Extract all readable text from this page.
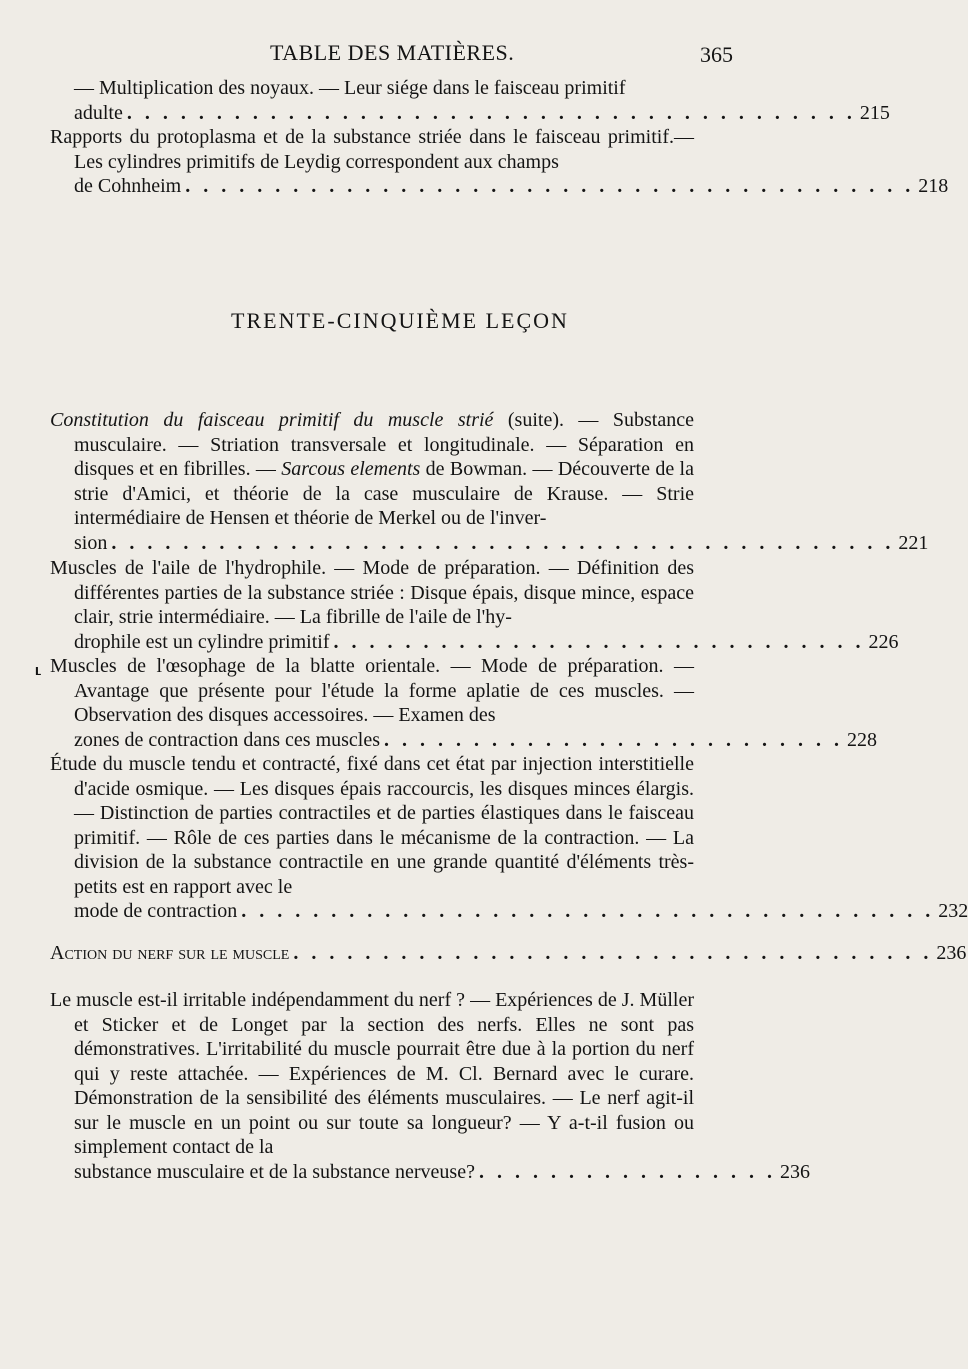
TABLE DES MATIÈRES.	365
— Multiplication des noyaux. — Leur siége dans le faisceau primitif
adulte . . . . . . . . . . . . . . . . . . . . . . . . . . . . . . . . . . . . . . . . . 215
Rapports du protoplasma et de la substance striée dans le faisceau primitif.— Les cylindres primitifs de Leydig correspondent aux champs
de Cohnheim . . . . . . . . . . . . . . . . . . . . . . . . . . . . . . . . . . . . . . . . . 218
TRENTE-CINQUIÈME LEÇON
Constitution du faisceau primitif du muscle strié (suite). — Substance musculaire. — Striation transversale et longitudinale. — Séparation en disques et en fibrilles. — Sarcous elements de Bowman. — Découverte de la strie d'Amici, et théorie de la case musculaire de Krause. — Strie intermédiaire de Hensen et théorie de Merkel ou de l'inver-
sion . . . . . . . . . . . . . . . . . . . . . . . . . . . . . . . . . . . . . . . . . . . . 221
Muscles de l'aile de l'hydrophile. — Mode de préparation. — Définition des différentes parties de la substance striée : Disque épais, disque mince, espace clair, strie intermédiaire. — La fibrille de l'aile de l'hy-
drophile est un cylindre primitif . . . . . . . . . . . . . . . . . . . . . . . . . . . . . . 226
⸤ Muscles de l'œsophage de la blatte orientale. — Mode de préparation. — Avantage que présente pour l'étude la forme aplatie de ces muscles. — Observation des disques accessoires. — Examen des
zones de contraction dans ces muscles . . . . . . . . . . . . . . . . . . . . . . . . . . 228
Étude du muscle tendu et contracté, fixé dans cet état par injection interstitielle d'acide osmique. — Les disques épais raccourcis, les disques minces élargis. — Distinction de parties contractiles et de parties élastiques dans le faisceau primitif. — Rôle de ces parties dans le mécanisme de la contraction. — La division de la substance contractile en une grande quantité d'éléments très-petits est en rapport avec le
mode de contraction . . . . . . . . . . . . . . . . . . . . . . . . . . . . . . . . . . . . . . . 232
Action du nerf sur le muscle . . . . . . . . . . . . . . . . . . . . . . . . . . . . . . . . . . . . 236
Le muscle est-il irritable indépendamment du nerf ? — Expériences de J. Müller et Sticker et de Longet par la section des nerfs. Elles ne sont pas démonstratives. L'irritabilité du muscle pourrait être due à la portion du nerf qui y reste attachée. — Expériences de M. Cl. Bernard avec le curare. Démonstration de la sensibilité des éléments musculaires. — Le nerf agit-il sur le muscle en un point ou sur toute sa longueur? — Y a-t-il fusion ou simplement contact de la
substance musculaire et de la substance nerveuse? . . . . . . . . . . . . . . . . . 236
